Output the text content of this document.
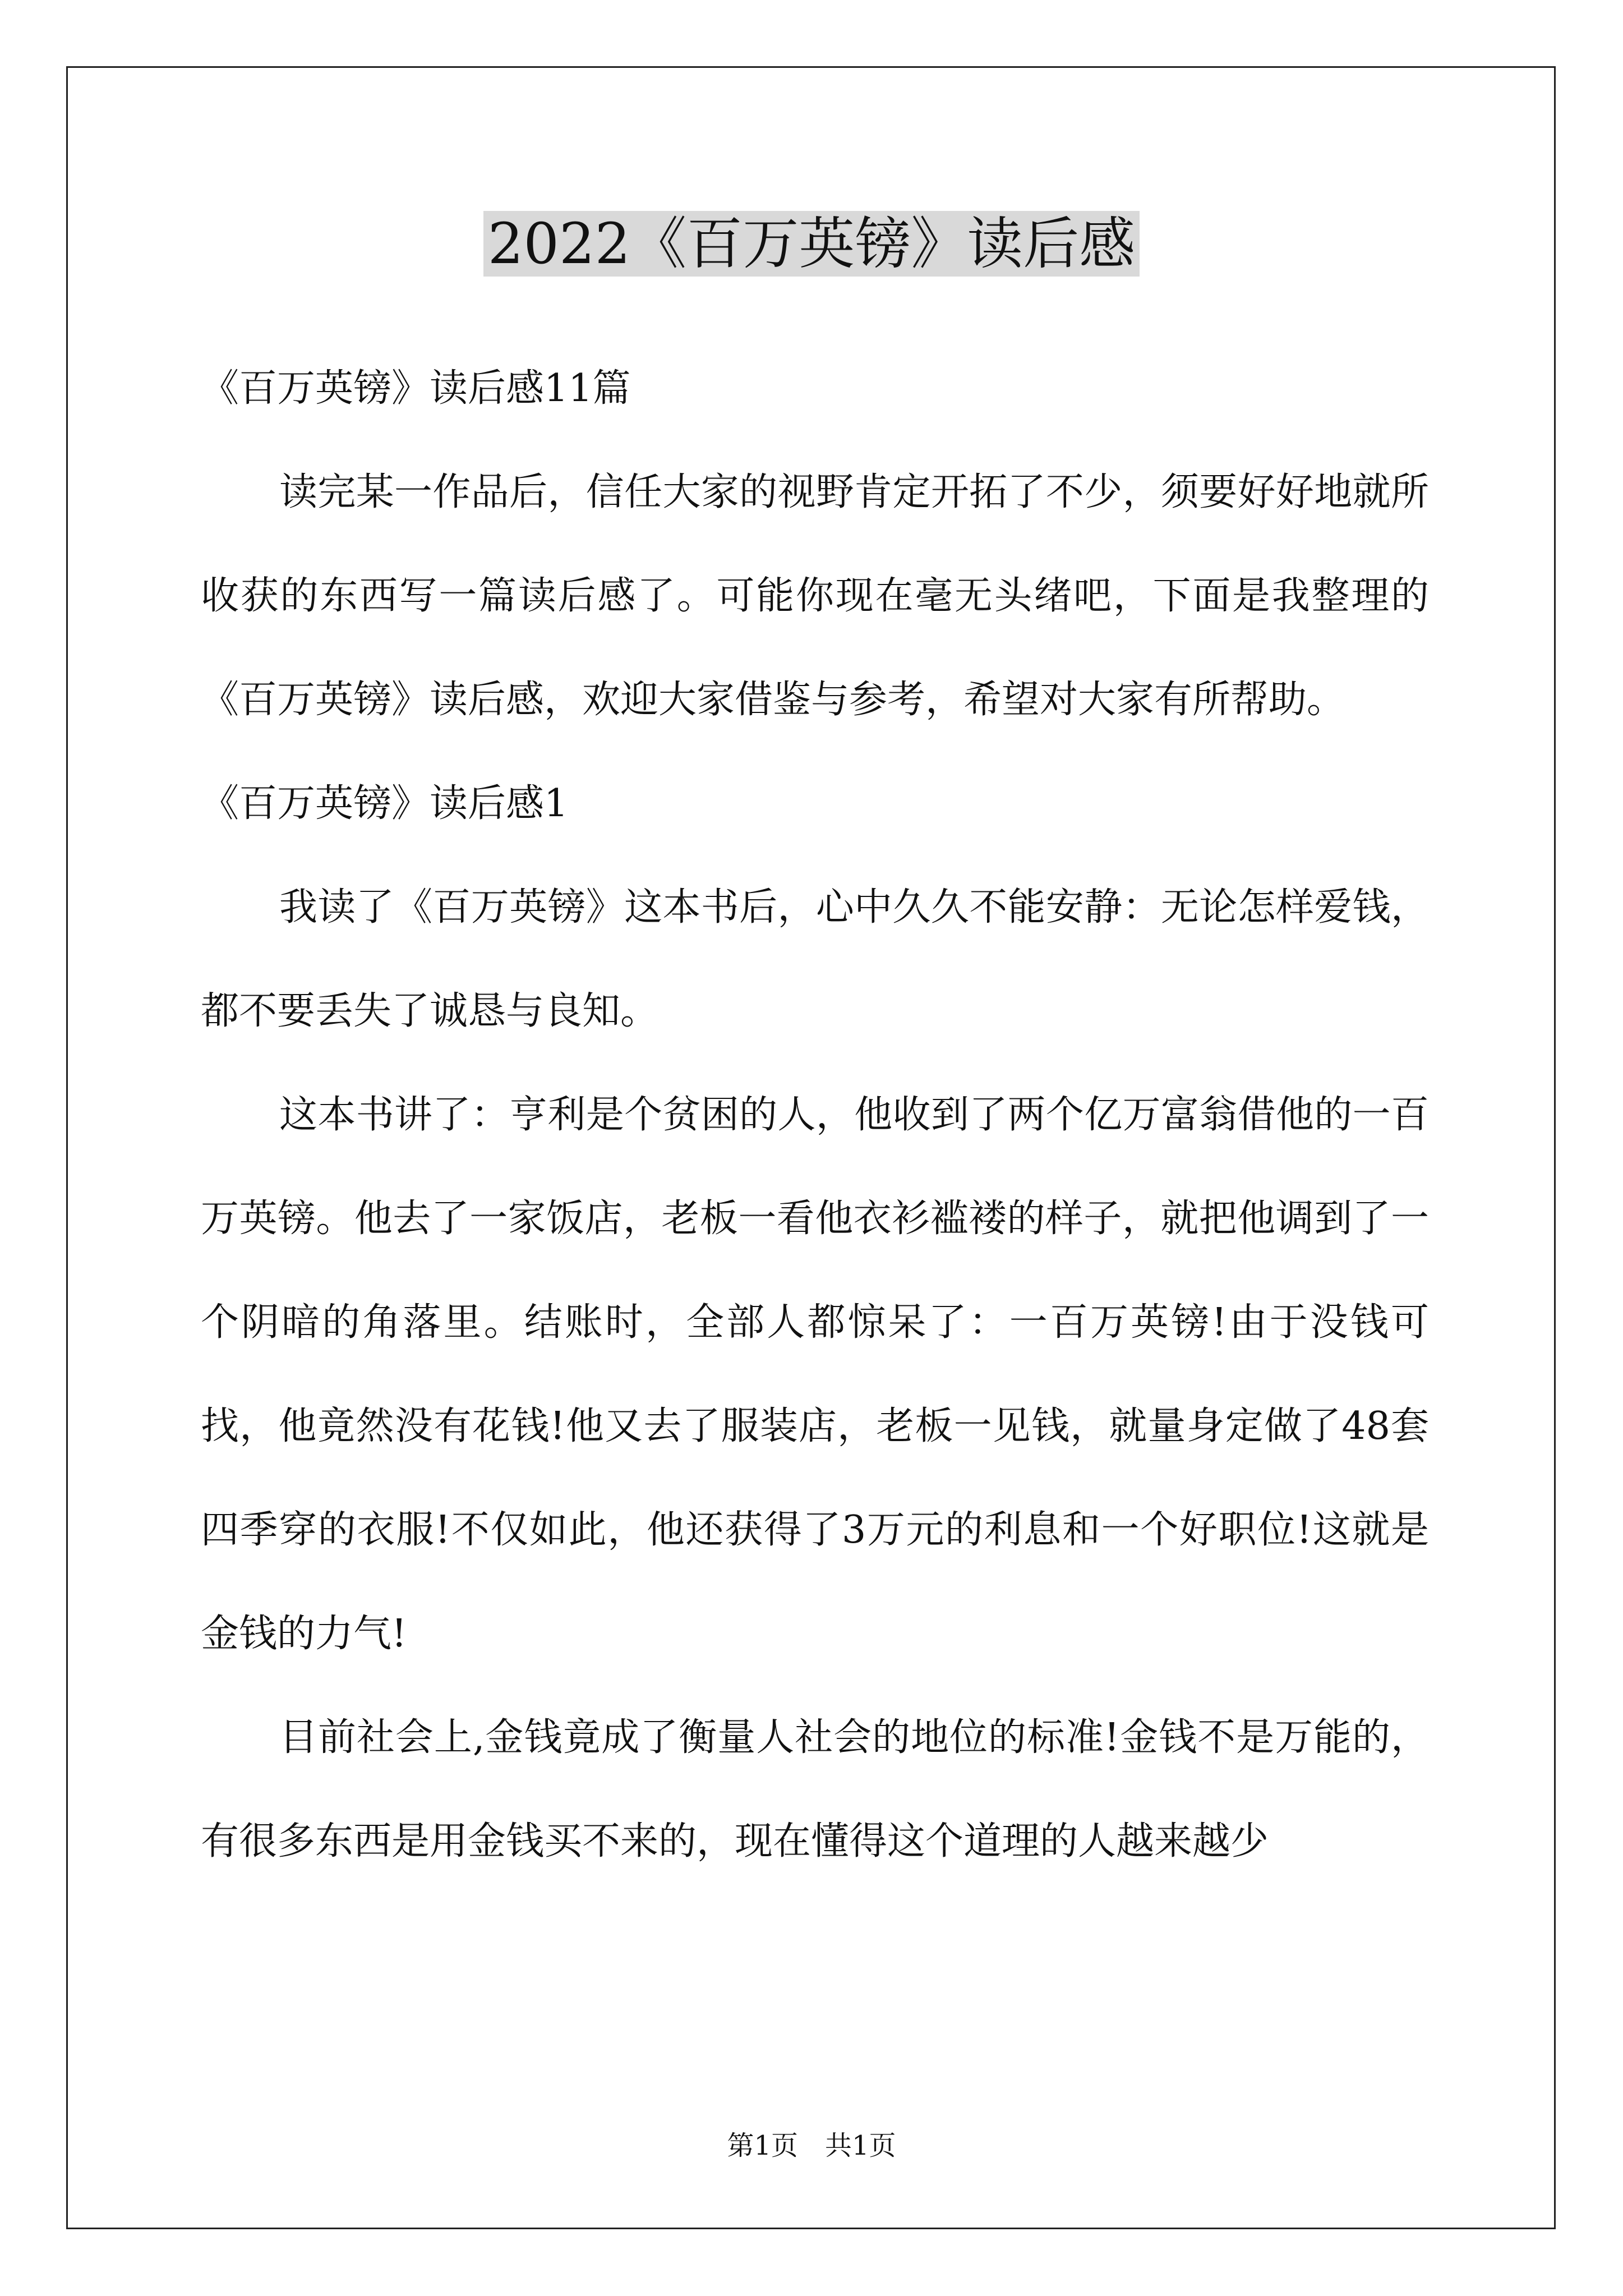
2022《百万英镑》读后感

《百万英镑》读后感11篇

读完某一作品后，信任大家的视野肯定开拓了不少，须要好好地就所收获的东西写一篇读后感了。可能你现在毫无头绪吧，下面是我整理的《百万英镑》读后感，欢迎大家借鉴与参考，希望对大家有所帮助。

《百万英镑》读后感1

我读了《百万英镑》这本书后，心中久久不能安静：无论怎样爱钱，都不要丢失了诚恳与良知。

这本书讲了：亨利是个贫困的人，他收到了两个亿万富翁借他的一百万英镑。他去了一家饭店，老板一看他衣衫褴褛的样子，就把他调到了一个阴暗的角落里。结账时，全部人都惊呆了：一百万英镑!由于没钱可找，他竟然没有花钱!他又去了服装店，老板一见钱，就量身定做了48套四季穿的衣服!不仅如此，他还获得了3万元的利息和一个好职位!这就是金钱的力气!

目前社会上,金钱竟成了衡量人社会的地位的标准!金钱不是万能的，有很多东西是用金钱买不来的，现在懂得这个道理的人越来越少

第1页　共1页
